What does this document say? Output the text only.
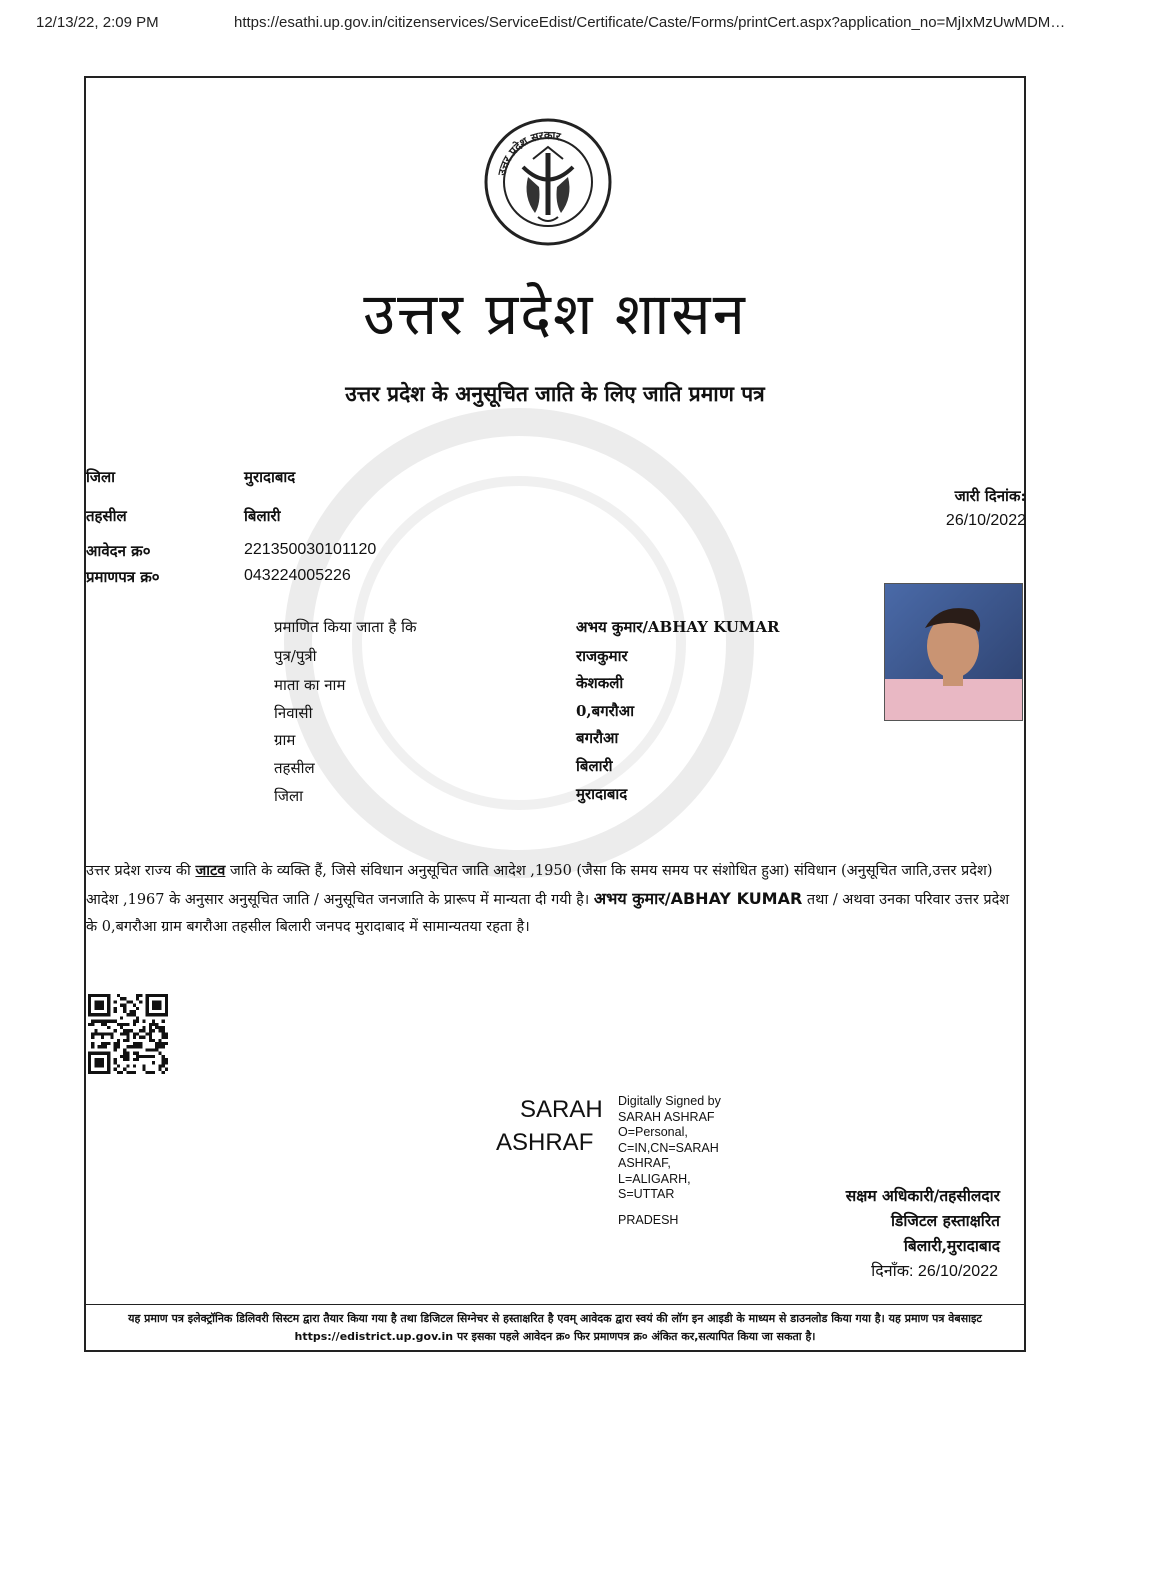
12/13/22, 2:09 PM	https://esathi.up.gov.in/citizenservices/ServiceEdist/Certificate/Caste/Forms/printCert.aspx?application_no=MjIxMzUwMDM…
उत्तर प्रदेश सरकार
उत्तर प्रदेश शासन
उत्तर प्रदेश के अनुसूचित जाति के लिए जाति प्रमाण पत्र
जिला	मुरादाबाद
तहसील	बिलारी
आवेदन क्र०	221350030101120
प्रमाणपत्र क्र०	043224005226
जारी दिनांक:
26/10/2022
प्रमाणित किया जाता है कि	अभय कुमार/ABHAY KUMAR
पुत्र/पुत्री	राजकुमार
माता का नाम	केशकली
निवासी	0,बगरौआ
ग्राम	बगरौआ
तहसील	बिलारी
जिला	मुरादाबाद
उत्तर प्रदेश राज्य की जाटव जाति के व्यक्ति हैं, जिसे संविधान अनुसूचित जाति आदेश ,1950 (जैसा कि समय समय पर संशोधित हुआ) संविधान (अनुसूचित जाति,उत्तर प्रदेश) आदेश ,1967 के अनुसार अनुसूचित जाति / अनुसूचित जनजाति के प्रारूप में मान्यता दी गयी है। अभय कुमार/ABHAY KUMAR तथा / अथवा उनका परिवार उत्तर प्रदेश के 0,बगरौआ ग्राम बगरौआ तहसील बिलारी जनपद मुरादाबाद में सामान्यतया रहता है।
SARAH
ASHRAF
Digitally Signed by
SARAH ASHRAF
O=Personal,
C=IN,CN=SARAH
ASHRAF,
L=ALIGARH,
S=UTTAR
PRADESH
सक्षम अधिकारी/तहसीलदार
डिजिटल हस्ताक्षरित
बिलारी,मुरादाबाद
दिनाँक: 26/10/2022
यह प्रमाण पत्र इलेक्ट्रॉनिक डिलिवरी सिस्टम द्वारा तैयार किया गया है तथा डिजिटल सिग्नेचर से हस्ताक्षरित है एवम् आवेदक द्वारा स्वयं की लॉग इन आइडी के माध्यम से डाउनलोड किया गया है। यह प्रमाण पत्र वेबसाइट https://edistrict.up.gov.in पर इसका पहले आवेदन क्र० फिर प्रमाणपत्र क्र० अंकित कर,सत्यापित किया जा सकता है।
